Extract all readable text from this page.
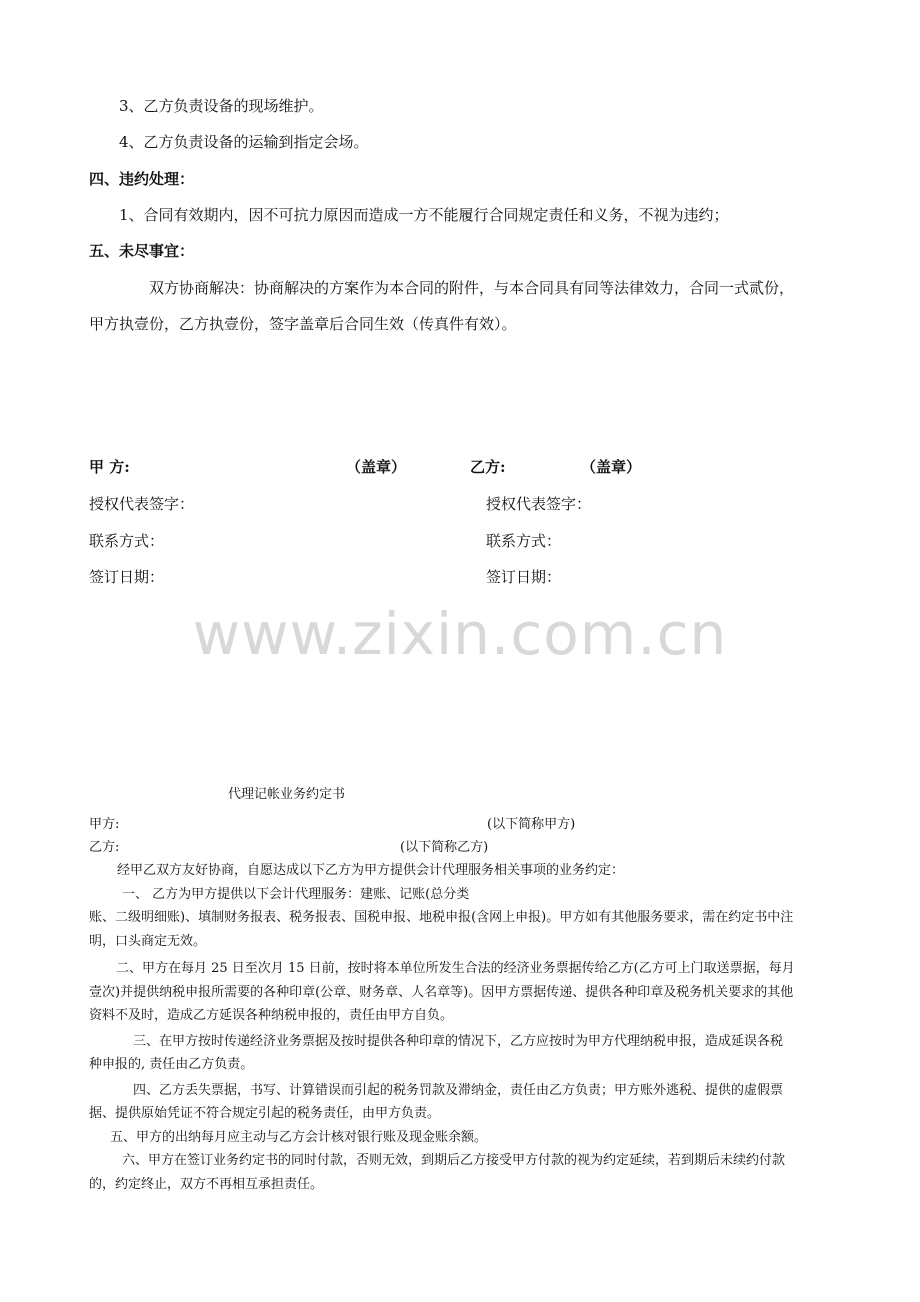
3、乙方负责设备的现场维护。
4、乙方负责设备的运输到指定会场。
四、违约处理：
1、合同有效期内，因不可抗力原因而造成一方不能履行合同规定责任和义务，不视为违约；
五、未尽事宜：
双方协商解决：协商解决的方案作为本合同的附件，与本合同具有同等法律效力，合同一式贰份，
甲方执壹份，乙方执壹份，签字盖章后合同生效（传真件有效）。
甲 方:	（盖章）	乙方:	（盖章）
授权代表签字：	授权代表签字：
联系方式：	联系方式：
签订日期：	签订日期：
www.zixin.com.cn
代理记帐业务约定书
甲方:	(以下简称甲方)
乙方:	(以下简称乙方)
经甲乙双方友好协商，自愿达成以下乙方为甲方提供会计代理服务相关事项的业务约定：
一、 乙方为甲方提供以下会计代理服务：建账、记账(总分类
账、二级明细账)、填制财务报表、税务报表、国税申报、地税申报(含网上申报)。甲方如有其他服务要求，需在约定书中注
明，口头商定无效。
二、甲方在每月 25 日至次月 15 日前，按时将本单位所发生合法的经济业务票据传给乙方(乙方可上门取送票据，每月
壹次)并提供纳税申报所需要的各种印章(公章、财务章、人名章等)。因甲方票据传递、提供各种印章及税务机关要求的其他
资料不及时，造成乙方延误各种纳税申报的，责任由甲方自负。
三、在甲方按时传递经济业务票据及按时提供各种印章的情况下，乙方应按时为甲方代理纳税申报，造成延误各税
种申报的, 责任由乙方负责。
四、乙方丢失票据，书写、计算错误而引起的税务罚款及滞纳金，责任由乙方负责；甲方账外逃税、提供的虚假票
据、提供原始凭证不符合规定引起的税务责任，由甲方负责。
五、甲方的出纳每月应主动与乙方会计核对银行账及现金账余额。
六、甲方在签订业务约定书的同时付款，否则无效，到期后乙方接受甲方付款的视为约定延续，若到期后未续约付款
的，约定终止，双方不再相互承担责任。
